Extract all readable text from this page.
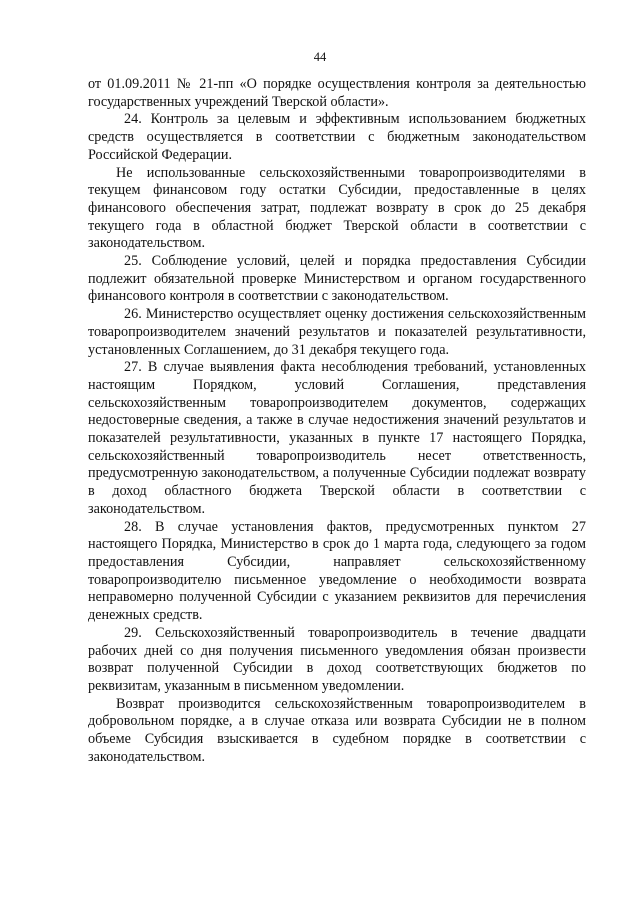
44

от 01.09.2011 № 21-пп «О порядке осуществления контроля за деятельностью государственных учреждений Тверской области».

24. Контроль за целевым и эффективным использованием бюджетных средств осуществляется в соответствии с бюджетным законодательством Российской Федерации.

Не использованные сельскохозяйственными товаропроизводителями в текущем финансовом году остатки Субсидии, предоставленные в целях финансового обеспечения затрат, подлежат возврату в срок до 25 декабря текущего года в областной бюджет Тверской области в соответствии с законодательством.

25. Соблюдение условий, целей и порядка предоставления Субсидии подлежит обязательной проверке Министерством и органом государственного финансового контроля в соответствии с законодательством.

26. Министерство осуществляет оценку достижения сельскохозяйственным товаропроизводителем значений результатов и показателей результативности, установленных Соглашением, до 31 декабря текущего года.

27. В случае выявления факта несоблюдения требований, установленных настоящим Порядком, условий Соглашения, представления сельскохозяйственным товаропроизводителем документов, содержащих недостоверные сведения, а также в случае недостижения значений результатов и показателей результативности, указанных в пункте 17 настоящего Порядка, сельскохозяйственный товаропроизводитель несет ответственность, предусмотренную законодательством, а полученные Субсидии подлежат возврату в доход областного бюджета Тверской области в соответствии с законодательством.

28. В случае установления фактов, предусмотренных пунктом 27 настоящего Порядка, Министерство в срок до 1 марта года, следующего за годом предоставления Субсидии, направляет сельскохозяйственному товаропроизводителю письменное уведомление о необходимости возврата неправомерно полученной Субсидии с указанием реквизитов для перечисления денежных средств.

29. Сельскохозяйственный товаропроизводитель в течение двадцати рабочих дней со дня получения письменного уведомления обязан произвести возврат полученной Субсидии в доход соответствующих бюджетов по реквизитам, указанным в письменном уведомлении.

Возврат производится сельскохозяйственным товаропроизводителем в добровольном порядке, а в случае отказа или возврата Субсидии не в полном объеме Субсидия взыскивается в судебном порядке в соответствии с законодательством.
